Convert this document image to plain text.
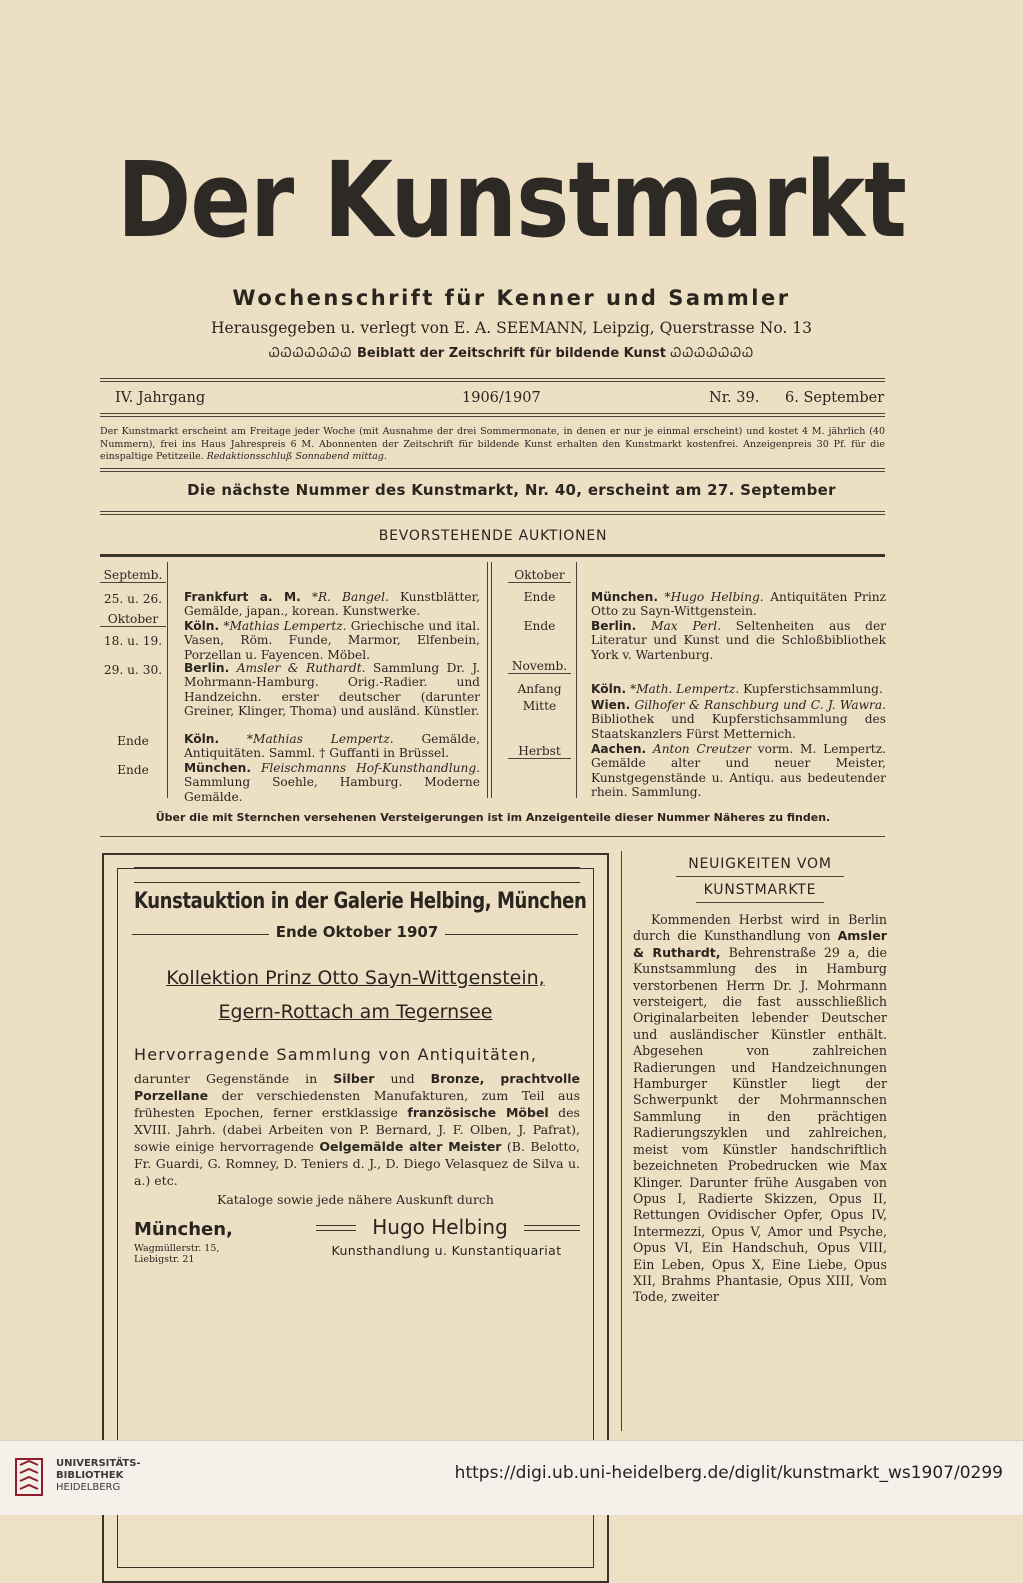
Der Kunstmarkt
Wochenschrift für Kenner und Sammler
Herausgegeben u. verlegt von E. A. SEEMANN, Leipzig, Querstrasse No. 13
ᏇᏇᏇᏇᏇᏇᏇ Beiblatt der Zeitschrift für bildende Kunst ᏇᏇᏇᏇᏇᏇᏇ
IV. Jahrgang	1906/1907	Nr. 39. 6. September
Der Kunstmarkt erscheint am Freitage jeder Woche (mit Ausnahme der drei Sommermonate, in denen er nur je einmal erscheint) und kostet 4 M. jährlich (40 Nummern), frei ins Haus Jahrespreis 6 M. Abonnenten der Zeitschrift für bildende Kunst erhalten den Kunstmarkt kostenfrei. Anzeigenpreis 30 Pf. für die einspaltige Petitzeile. Redaktionsschluß Sonnabend mittag.
Die nächste Nummer des Kunstmarkt, Nr. 40, erscheint am 27. September
BEVORSTEHENDE AUKTIONEN
Septemb.
25. u. 26.
Oktober
18. u. 19.
29. u. 30.
Ende
Ende
Frankfurt a. M. *R. Bangel. Kunstblätter, Gemälde, japan., korean. Kunstwerke.
Köln. *Mathias Lempertz. Griechische und ital. Vasen, Röm. Funde, Marmor, Elfenbein, Porzellan u. Fayencen. Möbel.
Berlin. Amsler & Ruthardt. Sammlung Dr. J. Mohrmann-Hamburg. Orig.-Radier. und Handzeichn. erster deutscher (darunter Greiner, Klinger, Thoma) und ausländ. Künstler.
Köln. *Mathias Lempertz. Gemälde, Antiquitäten. Samml. † Guffanti in Brüssel.
München. Fleischmanns Hof-Kunsthandlung. Sammlung Soehle, Hamburg. Moderne Gemälde.
Oktober
Ende
Ende
Novemb.
Anfang
Mitte
Herbst
München. *Hugo Helbing. Antiquitäten Prinz Otto zu Sayn-Wittgenstein.
Berlin. Max Perl. Seltenheiten aus der Literatur und Kunst und die Schloßbibliothek York v. Wartenburg.
Köln. *Math. Lempertz. Kupferstichsammlung.
Wien. Gilhofer & Ranschburg und C. J. Wawra. Bibliothek und Kupferstichsammlung des Staatskanzlers Fürst Metternich.
Aachen. Anton Creutzer vorm. M. Lempertz. Gemälde alter und neuer Meister, Kunstgegenstände u. Antiqu. aus bedeutender rhein. Sammlung.
Über die mit Sternchen versehenen Versteigerungen ist im Anzeigenteile dieser Nummer Näheres zu finden.
Kunstauktion in der Galerie Helbing, München
Ende Oktober 1907
Kollektion Prinz Otto Sayn-Wittgenstein,
Egern-Rottach am Tegernsee
Hervorragende Sammlung von Antiquitäten,
darunter Gegenstände in Silber und Bronze, prachtvolle Porzellane der verschiedensten Manufakturen, zum Teil aus frühesten Epochen, ferner erstklassige französische Möbel des XVIII. Jahrh. (dabei Arbeiten von P. Bernard, J. F. Olben, J. Pafrat), sowie einige hervorragende Oelgemälde alter Meister (B. Belotto, Fr. Guardi, G. Romney, D. Teniers d. J., D. Diego Velasquez de Silva u. a.) etc.
Kataloge sowie jede nähere Auskunft durch
München,
Wagmüllerstr. 15,
Liebigstr. 21
Hugo Helbing
Kunsthandlung u. Kunstantiquariat
NEUIGKEITEN VOM
KUNSTMARKTE
Kommenden Herbst wird in Berlin durch die Kunsthandlung von Amsler & Ruthardt, Behrenstraße 29 a, die Kunstsammlung des in Hamburg verstorbenen Herrn Dr. J. Mohrmann versteigert, die fast ausschließlich Originalarbeiten lebender Deutscher und ausländischer Künstler enthält. Abgesehen von zahlreichen Radierungen und Handzeichnungen Hamburger Künstler liegt der Schwerpunkt der Mohrmannschen Sammlung in den prächtigen Radierungszyklen und zahlreichen, meist vom Künstler handschriftlich bezeichneten Probedrucken wie Max Klinger. Darunter frühe Ausgaben von Opus I, Radierte Skizzen, Opus II, Rettungen Ovidischer Opfer, Opus IV, Intermezzi, Opus V, Amor und Psyche, Opus VI, Ein Handschuh, Opus VIII, Ein Leben, Opus X, Eine Liebe, Opus XII, Brahms Phantasie, Opus XIII, Vom Tode, zweiter
UNIVERSITÄTS-
BIBLIOTHEK
HEIDELBERG
https://digi.ub.uni-heidelberg.de/diglit/kunstmarkt_ws1907/0299
